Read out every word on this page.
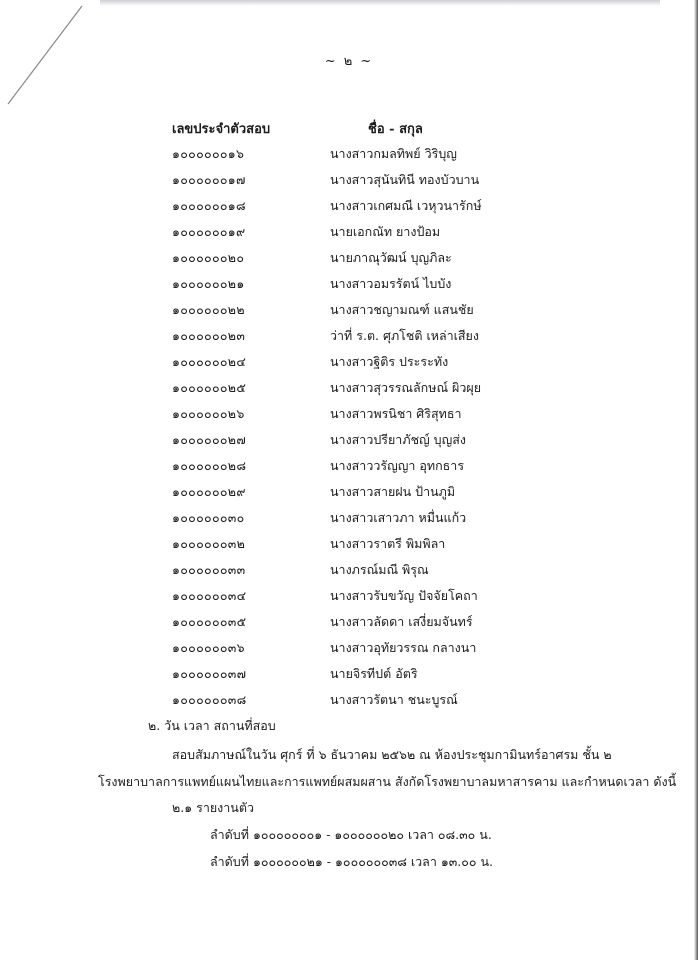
~ ๒ ~
เลขประจำตัวสอบ	ชื่อ - สกุล
๑๐๐๐๐๐๐๑๖	นางสาวกมลทิพย์ วิริบุญ
๑๐๐๐๐๐๐๑๗	นางสาวสุนันทินี ทองบัวบาน
๑๐๐๐๐๐๐๑๘	นางสาวเกศมณี เวหุวนารักษ์
๑๐๐๐๐๐๐๑๙	นายเอกณัท ยางป้อม
๑๐๐๐๐๐๐๒๐	นายภาณุวัฒน์ บุญภิละ
๑๐๐๐๐๐๐๒๑	นางสาวอมรรัตน์ ไบบัง
๑๐๐๐๐๐๐๒๒	นางสาวชญามณฑ์ แสนชัย
๑๐๐๐๐๐๐๒๓	ว่าที่ ร.ต. ศุภโชติ เหล่าเสียง
๑๐๐๐๐๐๐๒๔	นางสาวฐิติร ประระทัง
๑๐๐๐๐๐๐๒๕	นางสาวสุวรรณลักษณ์ ผิวผุย
๑๐๐๐๐๐๐๒๖	นางสาวพรนิชา ศิริสุทธา
๑๐๐๐๐๐๐๒๗	นางสาวปรียาภัชญ์ บุญส่ง
๑๐๐๐๐๐๐๒๘	นางสาววรัญญา อุทกธาร
๑๐๐๐๐๐๐๒๙	นางสาวสายฝน ป้านภูมิ
๑๐๐๐๐๐๐๓๐	นางสาวเสาวภา หมื่นแก้ว
๑๐๐๐๐๐๐๓๒	นางสาวราตรี พิมพิลา
๑๐๐๐๐๐๐๓๓	นางภรณ์มณี พิรุณ
๑๐๐๐๐๐๐๓๔	นางสาวรับขวัญ ปัจจัยโคถา
๑๐๐๐๐๐๐๓๕	นางสาวลัดดา เสงี่ยมจันทร์
๑๐๐๐๐๐๐๓๖	นางสาวอุทัยวรรณ กลางนา
๑๐๐๐๐๐๐๓๗	นายจิรทีปต์ อัตริ
๑๐๐๐๐๐๐๓๘	นางสาวรัตนา ชนะบูรณ์
๒. วัน เวลา สถานที่สอบ
สอบสัมภาษณ์ในวัน ศุกร์ ที่ ๖ ธันวาคม ๒๕๖๒ ณ ห้องประชุมกามินทร์อาศรม ชั้น ๒
โรงพยาบาลการแพทย์แผนไทยและการแพทย์ผสมผสาน สังกัดโรงพยาบาลมหาสารคาม และกำหนดเวลา ดังนี้
๒.๑ รายงานตัว
ลำดับที่ ๑๐๐๐๐๐๐๐๑ - ๑๐๐๐๐๐๐๒๐ เวลา ๐๘.๓๐ น.
ลำดับที่ ๑๐๐๐๐๐๐๒๑ - ๑๐๐๐๐๐๐๓๘ เวลา ๑๓.๐๐ น.
